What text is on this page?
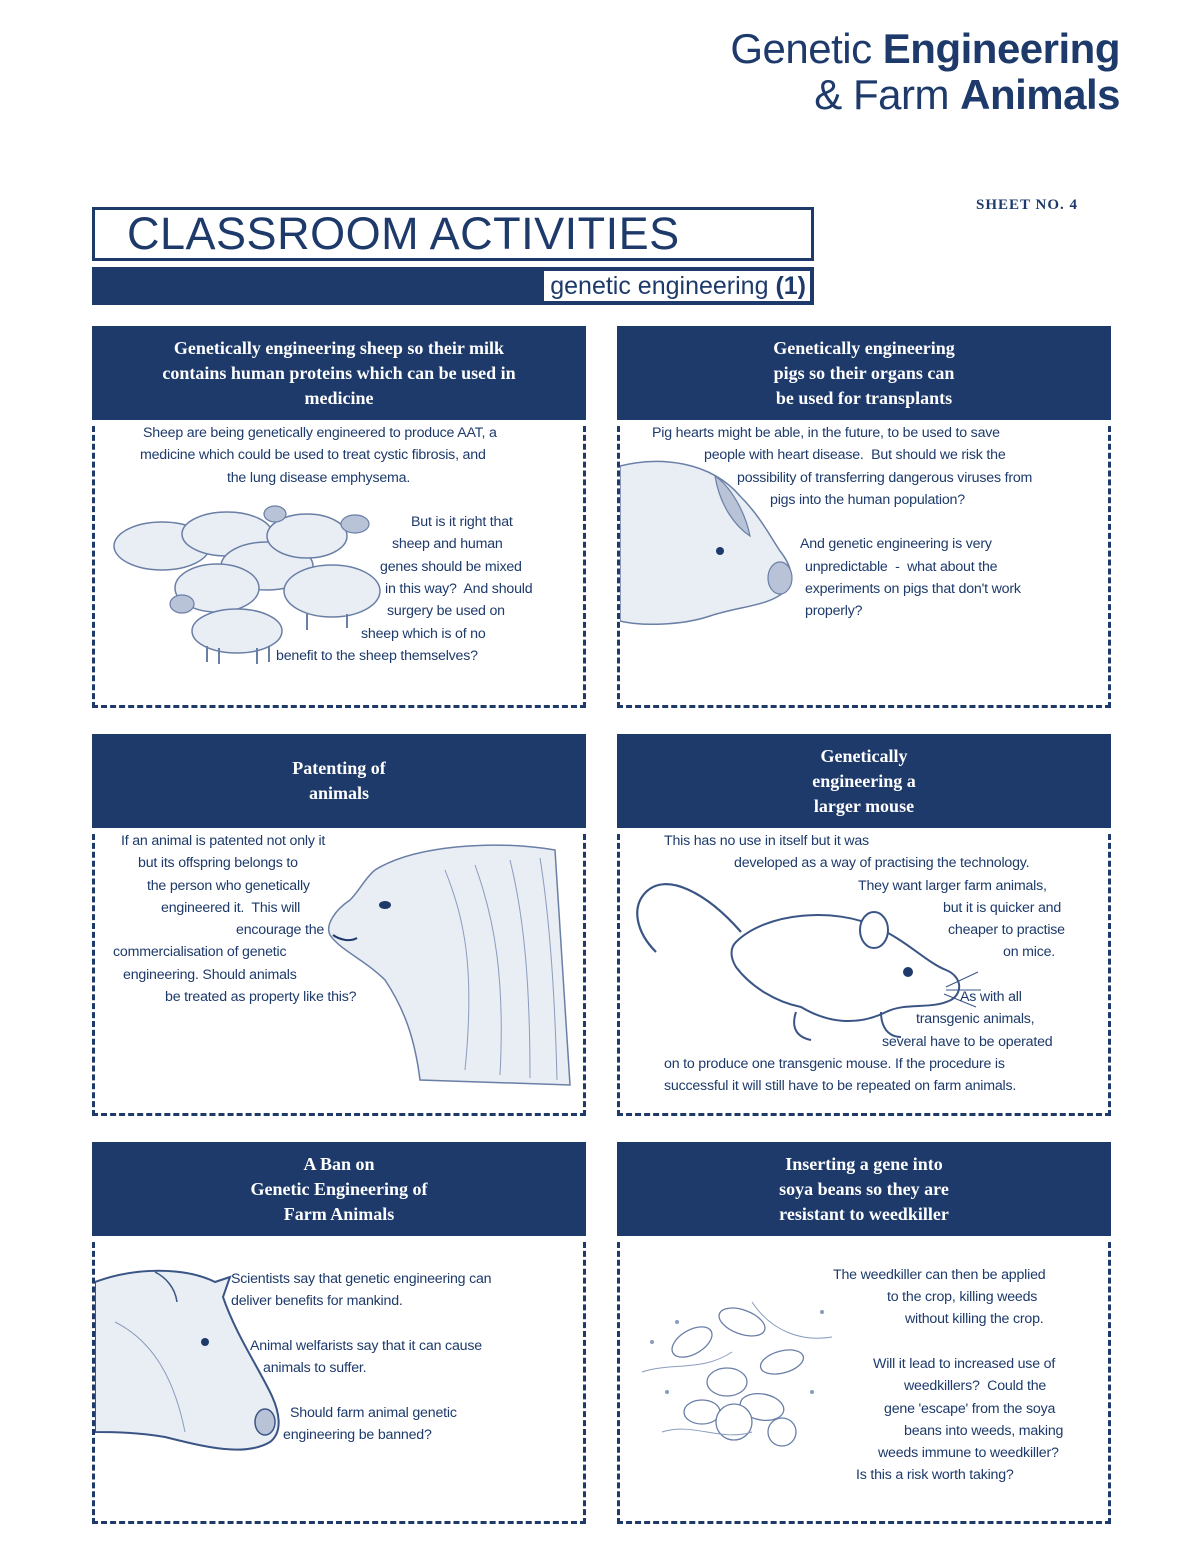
Genetic Engineering
& Farm Animals
SHEET NO. 4
CLASSROOM ACTIVITIES
genetic engineering (1)
Genetically engineering sheep so their milk
contains human proteins which can be used in
medicine

Sheep are being genetically engineered to produce AAT, a

medicine which could be used to treat cystic fibrosis, and

the lung disease emphysema.

But is it right that

sheep and human

genes should be mixed

in this way?  And should

surgery be used on

sheep which is of no

benefit to the sheep themselves?

Genetically engineering
pigs so their organs can
be used for transplants

Pig hearts might be able, in the future, to be used to save

people with heart disease.  But should we risk the

possibility of transferring dangerous viruses from

pigs into the human population?

And genetic engineering is very

unpredictable  -  what about the

experiments on pigs that don't work

properly?

Patenting of
animals

If an animal is patented not only it

but its offspring belongs to

the person who genetically

engineered it.  This will

encourage the

commercialisation of genetic

engineering. Should animals

be treated as property like this?

Genetically
engineering a
larger mouse

This has no use in itself but it was

developed as a way of practising the technology.

They want larger farm animals,

but it is quicker and

cheaper to practise

on mice.

As with all

transgenic animals,

several have to be operated

on to produce one transgenic mouse. If the procedure is

successful it will still have to be repeated on farm animals.

A Ban on
Genetic Engineering of
Farm Animals

Scientists say that genetic engineering can

deliver benefits for mankind.

Animal welfarists say that it can cause

animals to suffer.

Should farm animal genetic

engineering be banned?

Inserting a gene into
soya beans so they are
resistant to weedkiller

The weedkiller can then be applied

to the crop, killing weeds

without killing the crop.

Will it lead to increased use of

weedkillers?  Could the

gene 'escape' from the soya

beans into weeds, making

weeds immune to weedkiller?

Is this a risk worth taking?
